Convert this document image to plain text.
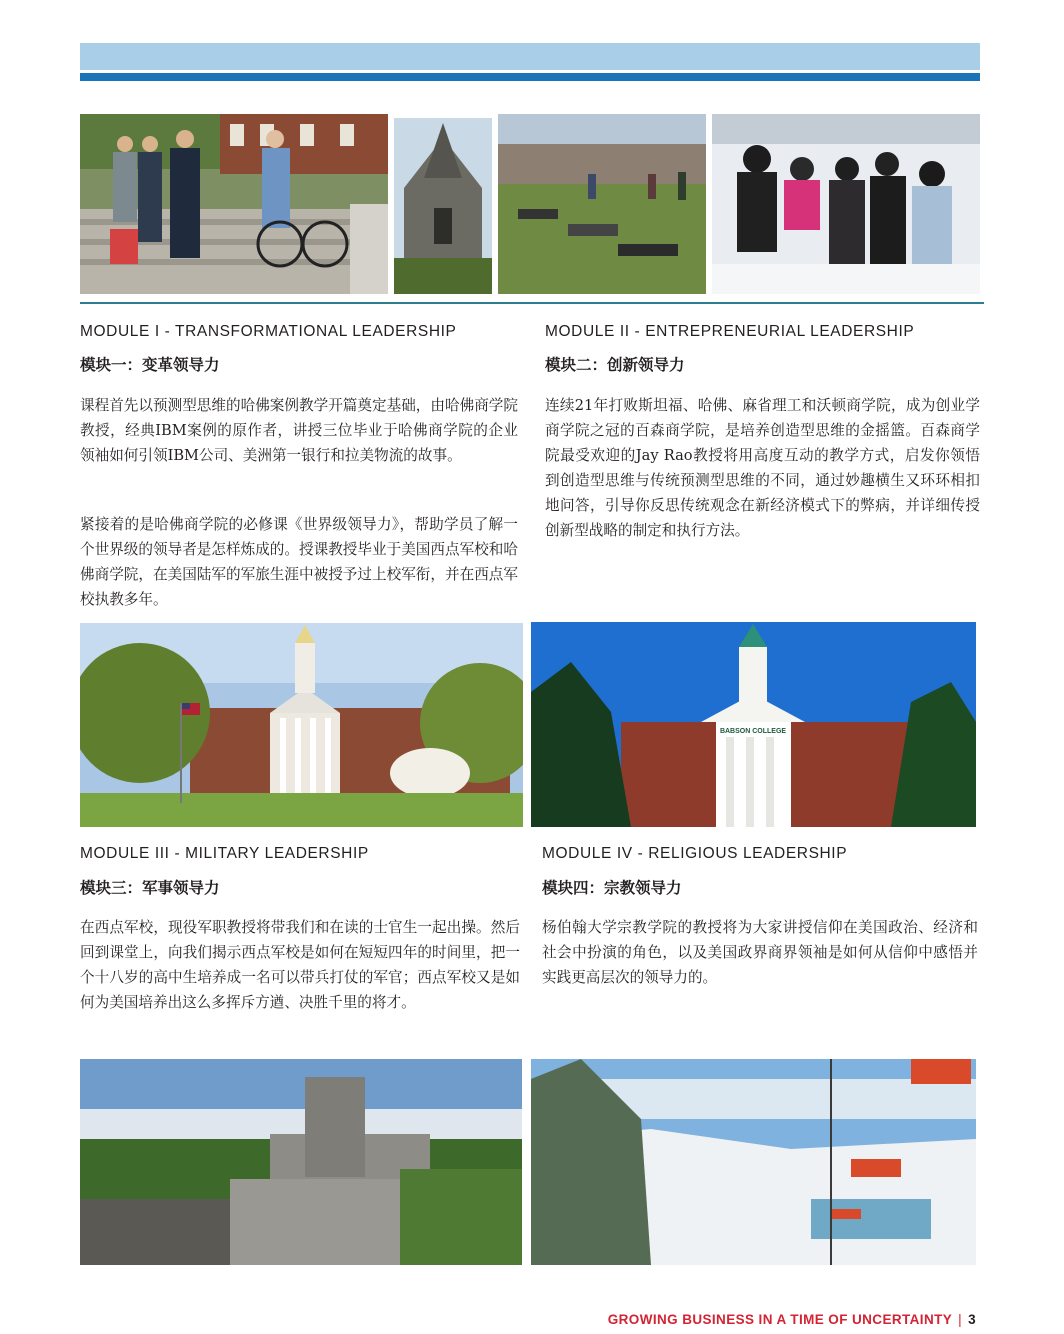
MODULE I - TRANSFORMATIONAL LEADERSHIP
模块一：变革领导力

课程首先以预测型思维的哈佛案例教学开篇奠定基础，由哈佛商学院教授，经典IBM案例的原作者，讲授三位毕业于哈佛商学院的企业领袖如何引领IBM公司、美洲第一银行和拉美物流的故事。

紧接着的是哈佛商学院的必修课《世界级领导力》，帮助学员了解一个世界级的领导者是怎样炼成的。授课教授毕业于美国西点军校和哈佛商学院，在美国陆军的军旅生涯中被授予过上校军衔，并在西点军校执教多年。

MODULE II - ENTREPRENEURIAL LEADERSHIP
模块二：创新领导力

连续21年打败斯坦福、哈佛、麻省理工和沃顿商学院，成为创业学商学院之冠的百森商学院，是培养创造型思维的金摇篮。百森商学院最受欢迎的Jay Rao教授将用高度互动的教学方式，启发你领悟到创造型思维与传统预测型思维的不同，通过妙趣横生又环环相扣地问答，引导你反思传统观念在新经济模式下的弊病，并详细传授创新型战略的制定和执行方法。

BABSON COLLEGE
MODULE III - MILITARY LEADERSHIP
模块三：军事领导力

在西点军校，现役军职教授将带我们和在读的士官生一起出操。然后回到课堂上，向我们揭示西点军校是如何在短短四年的时间里，把一个十八岁的高中生培养成一名可以带兵打仗的军官；西点军校又是如何为美国培养出这么多挥斥方遒、决胜千里的将才。

MODULE IV - RELIGIOUS LEADERSHIP
模块四：宗教领导力

杨伯翰大学宗教学院的教授将为大家讲授信仰在美国政治、经济和社会中扮演的角色，以及美国政界商界领袖是如何从信仰中感悟并实践更高层次的领导力的。

GROWING BUSINESS IN A TIME OF UNCERTAINTY | 3
